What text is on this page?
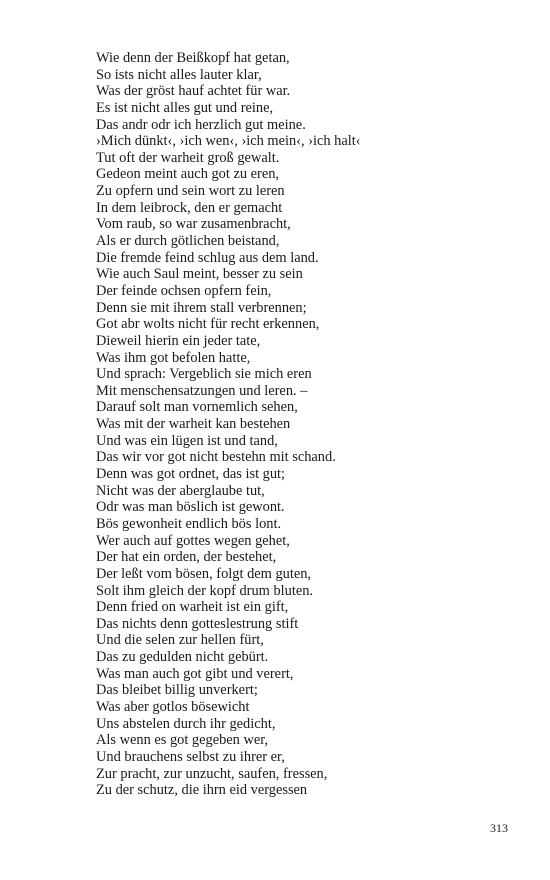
Wie denn der Beißkopf hat getan,
So ists nicht alles lauter klar,
Was der gröst hauf achtet für war.
Es ist nicht alles gut und reine,
Das andr odr ich herzlich gut meine.
›Mich dünkt‹, ›ich wen‹, ›ich mein‹, ›ich halt‹
Tut oft der warheit groß gewalt.
Gedeon meint auch got zu eren,
Zu opfern und sein wort zu leren
In dem leibrock, den er gemacht
Vom raub, so war zusamenbracht,
Als er durch götlichen beistand,
Die fremde feind schlug aus dem land.
Wie auch Saul meint, besser zu sein
Der feinde ochsen opfern fein,
Denn sie mit ihrem stall verbrennen;
Got abr wolts nicht für recht erkennen,
Dieweil hierin ein jeder tate,
Was ihm got befolen hatte,
Und sprach: Vergeblich sie mich eren
Mit menschensatzungen und leren. –
Darauf solt man vornemlich sehen,
Was mit der warheit kan bestehen
Und was ein lügen ist und tand,
Das wir vor got nicht bestehn mit schand.
Denn was got ordnet, das ist gut;
Nicht was der aberglaube tut,
Odr was man böslich ist gewont.
Bös gewonheit endlich bös lont.
Wer auch auf gottes wegen gehet,
Der hat ein orden, der bestehet,
Der leßt vom bösen, folgt dem guten,
Solt ihm gleich der kopf drum bluten.
Denn fried on warheit ist ein gift,
Das nichts denn gotteslestrung stift
Und die selen zur hellen fürt,
Das zu gedulden nicht gebürt.
Was man auch got gibt und verert,
Das bleibet billig unverkert;
Was aber gotlos bösewicht
Uns abstelen durch ihr gedicht,
Als wenn es got gegeben wer,
Und brauchens selbst zu ihrer er,
Zur pracht, zur unzucht, saufen, fressen,
Zu der schutz, die ihrn eid vergessen
313
